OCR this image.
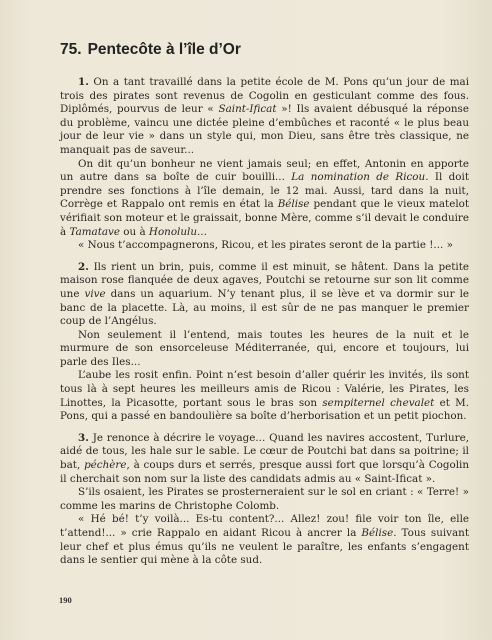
75. Pentecôte à l’île d’Or

1. On a tant travaillé dans la petite école de M. Pons qu’un jour de mai trois des pirates sont revenus de Cogolin en gesticulant comme des fous. Diplômés, pourvus de leur « Saint-Ificat »! Ils avaient débusqué la réponse du problème, vaincu une dictée pleine d’embûches et raconté « le plus beau jour de leur vie » dans un style qui, mon Dieu, sans être très classique, ne manquait pas de saveur...

On dit qu’un bonheur ne vient jamais seul; en effet, Antonin en apporte un autre dans sa boîte de cuir bouilli... La nomination de Ricou. Il doit prendre ses fonctions à l’île demain, le 12 mai. Aussi, tard dans la nuit, Corrège et Rappalo ont remis en état la Bélise pendant que le vieux matelot vérifiait son moteur et le graissait, bonne Mère, comme s’il devait le conduire à Tamatave ou à Honolulu...

« Nous t’accompagnerons, Ricou, et les pirates seront de la partie !... »

2. Ils rient un brin, puis, comme il est minuit, se hâtent. Dans la petite maison rose flanquée de deux agaves, Poutchi se retourne sur son lit comme une vive dans un aquarium. N’y tenant plus, il se lève et va dormir sur le banc de la placette. Là, au moins, il est sûr de ne pas manquer le premier coup de l’Angélus.

Non seulement il l’entend, mais toutes les heures de la nuit et le murmure de son ensorceleuse Méditerranée, qui, encore et toujours, lui parle des Iles...

L’aube les rosit enfin. Point n’est besoin d’aller quérir les invités, ils sont tous là à sept heures les meilleurs amis de Ricou : Valérie, les Pirates, les Linottes, la Picasotte, portant sous le bras son sempiternel chevalet et M. Pons, qui a passé en bandoulière sa boîte d’herborisation et un petit piochon.

3. Je renonce à décrire le voyage... Quand les navires accostent, Turlure, aidé de tous, les hale sur le sable. Le cœur de Poutchi bat dans sa poitrine; il bat, péchère, à coups durs et serrés, presque aussi fort que lorsqu’à Cogolin il cherchait son nom sur la liste des candidats admis au « Saint-Ificat ».

S’ils osaient, les Pirates se prosterneraient sur le sol en criant : « Terre! » comme les marins de Christophe Colomb.

« Hé bé! t’y voilà... Es-tu content?... Allez! zou! file voir ton île, elle t’attend!... » crie Rappalo en aidant Ricou à ancrer la Bélise. Tous suivant leur chef et plus émus qu’ils ne veulent le paraître, les enfants s’engagent dans le sentier qui mène à la côte sud.

190
